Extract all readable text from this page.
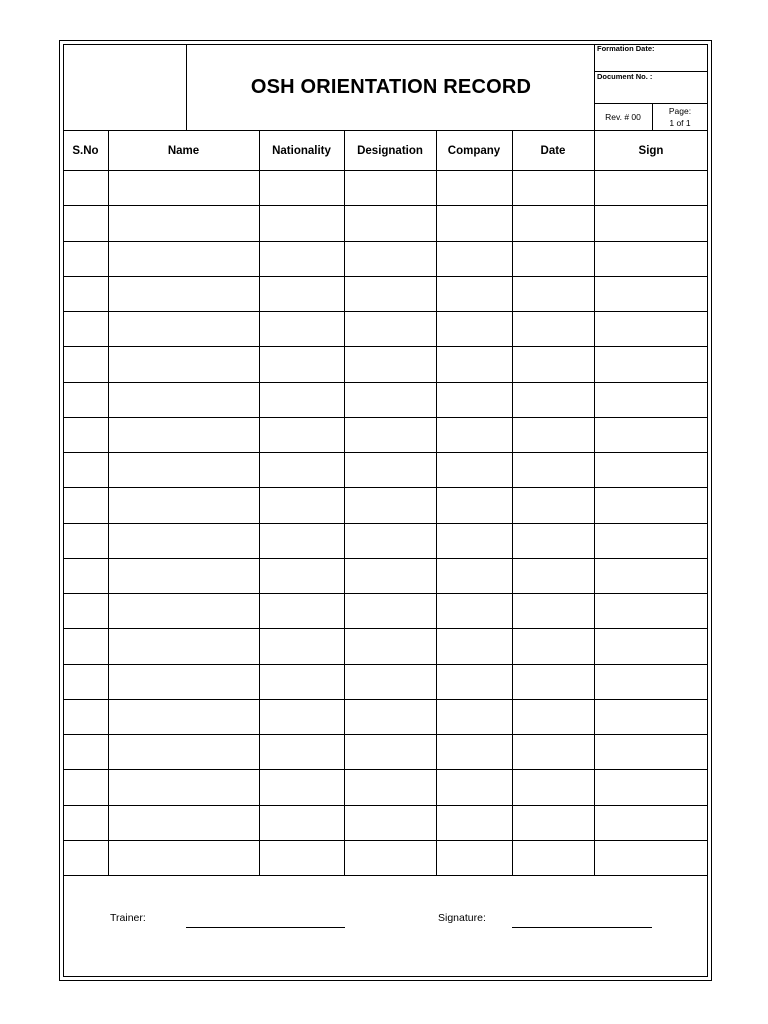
OSH ORIENTATION RECORD
Formation Date:
Document No. :
Rev. # 00
Page:
1 of 1
S.No	Name	Nationality	Designation	Company	Date	Sign
Trainer:	Signature:
